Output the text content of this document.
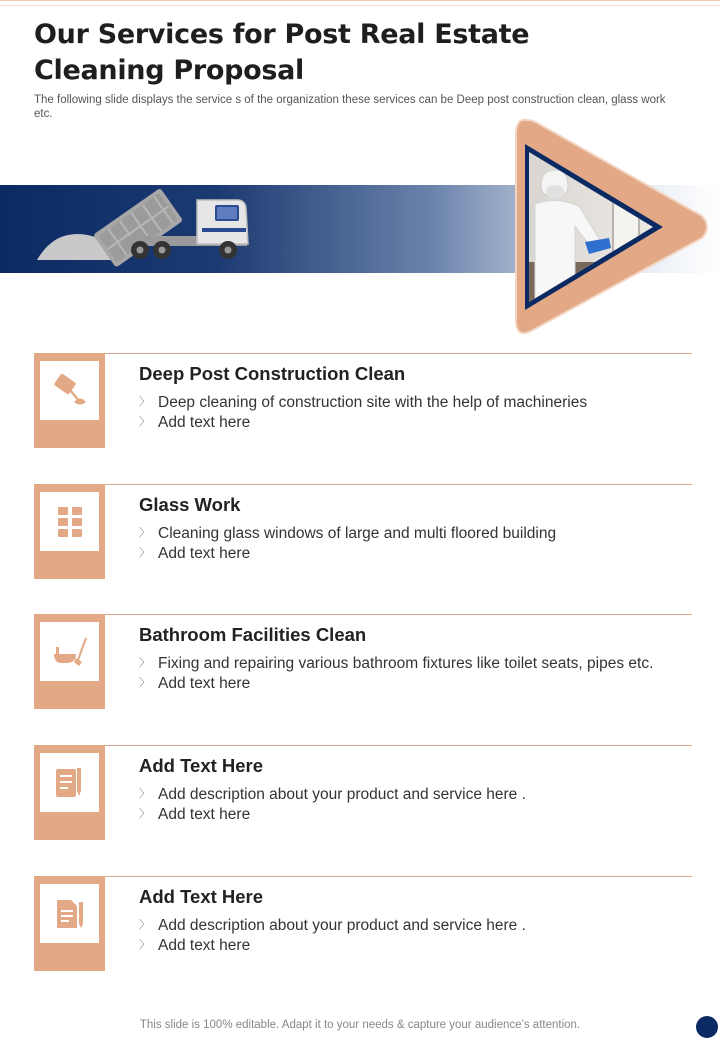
Our Services for Post Real Estate Cleaning Proposal

The following slide displays the service s of the organization these services can be Deep post construction clean, glass work etc.

Deep Post Construction Clean
〉 Deep cleaning of construction site with the help of machineries
〉 Add text here
Glass Work
〉 Cleaning glass windows of large and multi floored building
〉 Add text here
Bathroom Facilities Clean
〉 Fixing and repairing various bathroom fixtures like toilet seats, pipes etc.
〉 Add text here
Add Text Here
〉 Add description about your product and service here .
〉 Add text here
Add Text Here
〉 Add description about your product and service here .
〉 Add text here
This slide is 100% editable. Adapt it to your needs & capture your audience’s attention.
